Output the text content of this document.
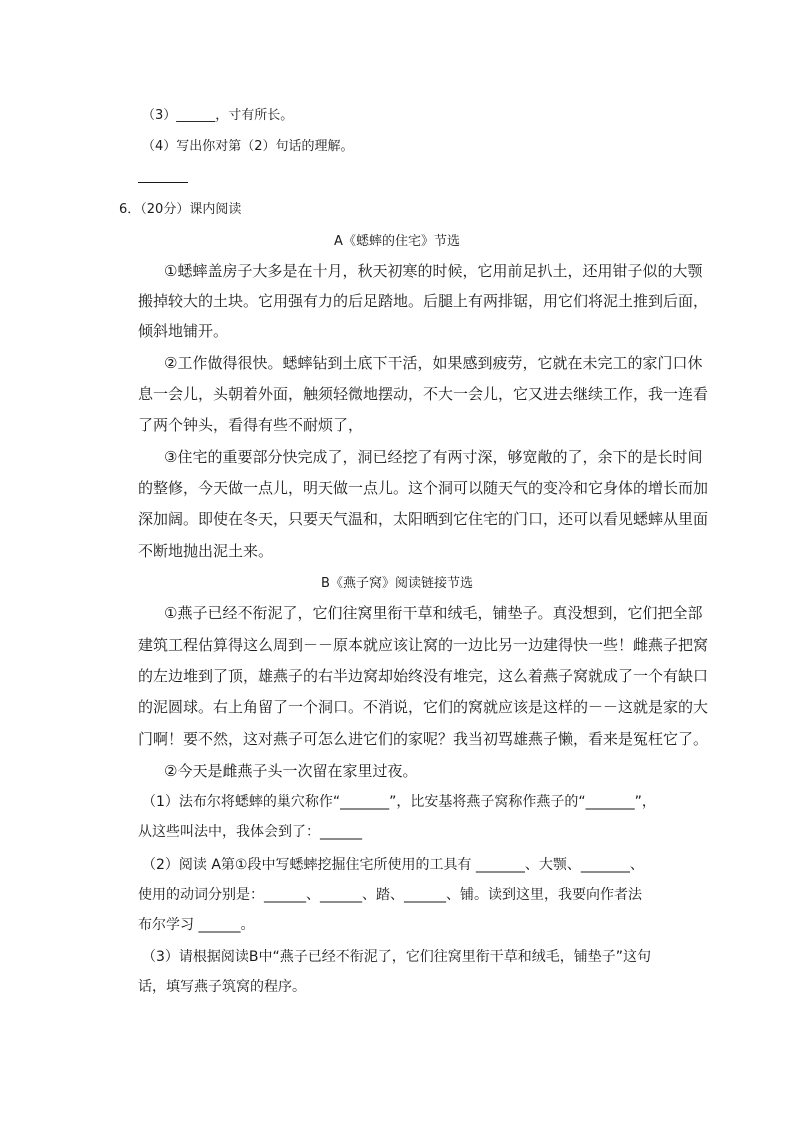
（3）______，寸有所长。
（4）写出你对第（2）句话的理解。
6．（20分）课内阅读
A《蟋蟀的住宅》节选
①蟋蟀盖房子大多是在十月，秋天初寒的时候，它用前足扒土，还用钳子似的大颚
搬掉较大的土块。它用强有力的后足踏地。后腿上有两排锯，用它们将泥土推到后面，
倾斜地铺开。
②工作做得很快。蟋蟀钻到土底下干活，如果感到疲劳，它就在未完工的家门口休
息一会儿，头朝着外面，触须轻微地摆动，不大一会儿，它又进去继续工作，我一连看
了两个钟头，看得有些不耐烦了，
③住宅的重要部分快完成了，洞已经挖了有两寸深，够宽敞的了，余下的是长时间
的整修，今天做一点儿，明天做一点儿。这个洞可以随天气的变冷和它身体的增长而加
深加阔。即使在冬天，只要天气温和，太阳晒到它住宅的门口，还可以看见蟋蟀从里面
不断地抛出泥土来。
B《燕子窝》阅读链接节选
①燕子已经不衔泥了，它们往窝里衔干草和绒毛，铺垫子。真没想到，它们把全部
建筑工程估算得这么周到－－原本就应该让窝的一边比另一边建得快一些！雌燕子把窝
的左边堆到了顶，雄燕子的右半边窝却始终没有堆完，这么着燕子窝就成了一个有缺口
的泥圆球。右上角留了一个洞口。不消说，它们的窝就应该是这样的－－这就是家的大
门啊！要不然，这对燕子可怎么进它们的家呢？我当初骂雄燕子懒，看来是冤枉它了。
②今天是雌燕子头一次留在家里过夜。
（1）法布尔将蟋蟀的巢穴称作“_______”，比安基将燕子窝称作燕子的“_______”，
从这些叫法中，我体会到了：______
（2）阅读 A第①段中写蟋蟀挖掘住宅所使用的工具有 _______、大颚、_______、
使用的动词分别是：______、______、踏、______、铺。读到这里，我要向作者法
布尔学习 ______。
（3）请根据阅读B中“燕子已经不衔泥了，它们往窝里衔干草和绒毛，铺垫子”这句
话，填写燕子筑窝的程序。
